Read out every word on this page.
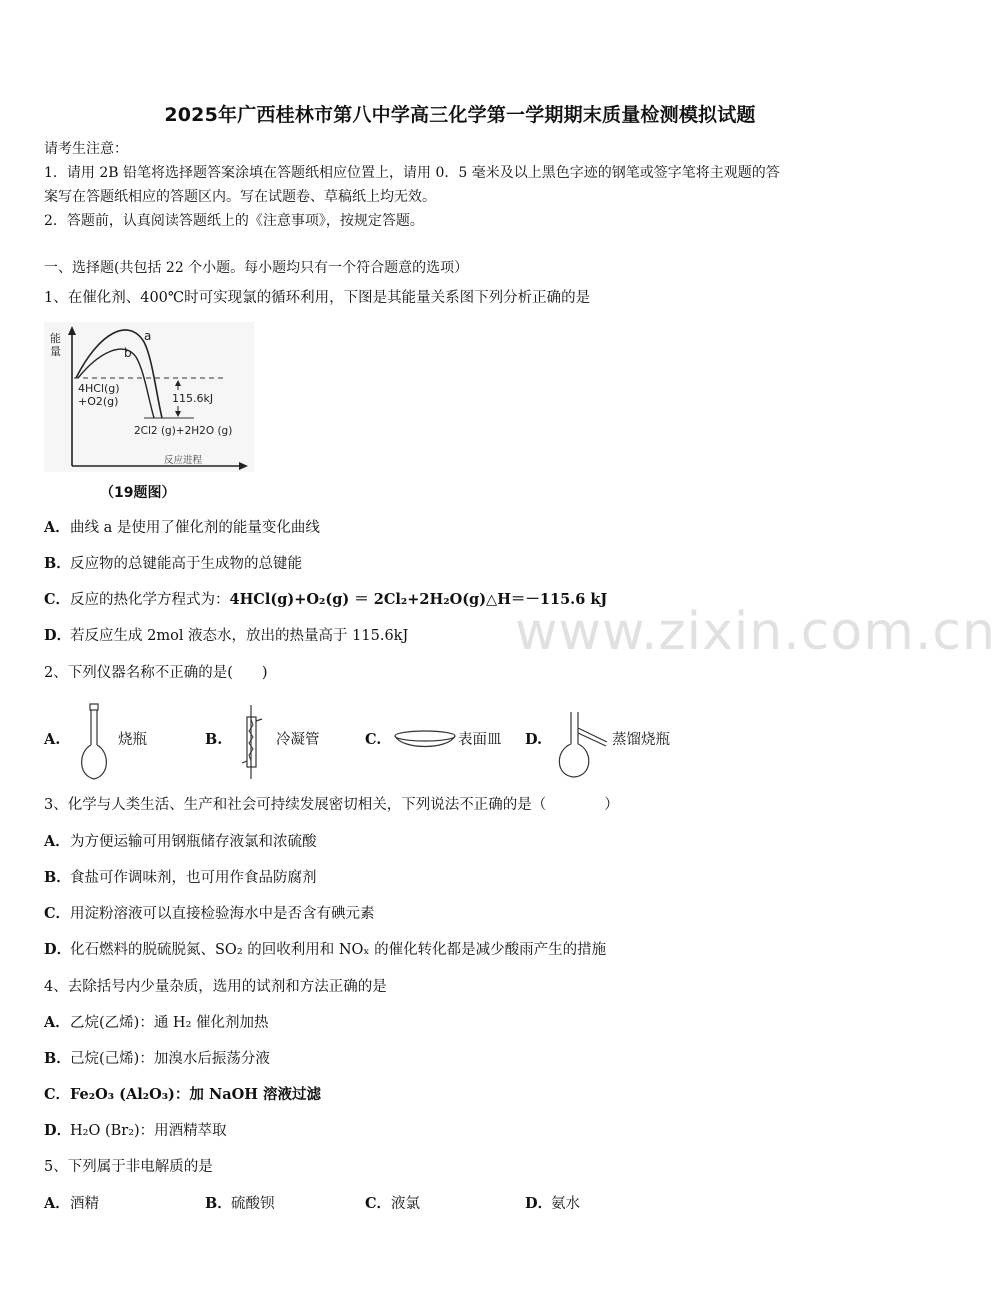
2025年广西桂林市第八中学高三化学第一学期期末质量检测模拟试题
请考生注意：
1．请用 2B 铅笔将选择题答案涂填在答题纸相应位置上，请用 0．5 毫米及以上黑色字迹的钢笔或签字笔将主观题的答
案写在答题纸相应的答题区内。写在试题卷、草稿纸上均无效。
2．答题前，认真阅读答题纸上的《注意事项》，按规定答题。
一、选择题(共包括 22 个小题。每小题均只有一个符合题意的选项）
1、在催化剂、400℃时可实现氯的循环利用，下图是其能量关系图下列分析正确的是
能
量
a
b
4HCl(g)
+O2(g)	115.6kJ
2Cl2 (g)+2H2O (g)
反应进程
（19题图）
A．曲线 a 是使用了催化剂的能量变化曲线
B．反应物的总键能高于生成物的总键能
C．反应的热化学方程式为：4HCl(g)+O₂(g) ＝ 2Cl₂+2H₂O(g)△H＝－115.6 kJ
D．若反应生成 2mol 液态水，放出的热量高于 115.6kJ
2、下列仪器名称不正确的是(　　)
A.	烧瓶	B.	冷凝管	C.	表面皿 D.	蒸馏烧瓶
3、化学与人类生活、生产和社会可持续发展密切相关，下列说法不正确的是（　　　　）
A．为方便运输可用钢瓶储存液氯和浓硫酸
B．食盐可作调味剂，也可用作食品防腐剂
C．用淀粉溶液可以直接检验海水中是否含有碘元素
D．化石燃料的脱硫脱氮、SO₂ 的回收利用和 NOₓ 的催化转化都是减少酸雨产生的措施
4、去除括号内少量杂质，选用的试剂和方法正确的是
A．乙烷(乙烯)：通 H₂ 催化剂加热
B．己烷(己烯)：加溴水后振荡分液
C．Fe₂O₃ (Al₂O₃)：加 NaOH 溶液过滤
D．H₂O (Br₂)：用酒精萃取
5、下列属于非电解质的是
A．酒精	B．硫酸钡	C．液氯	D．氨水
www.zixin.com.cn
